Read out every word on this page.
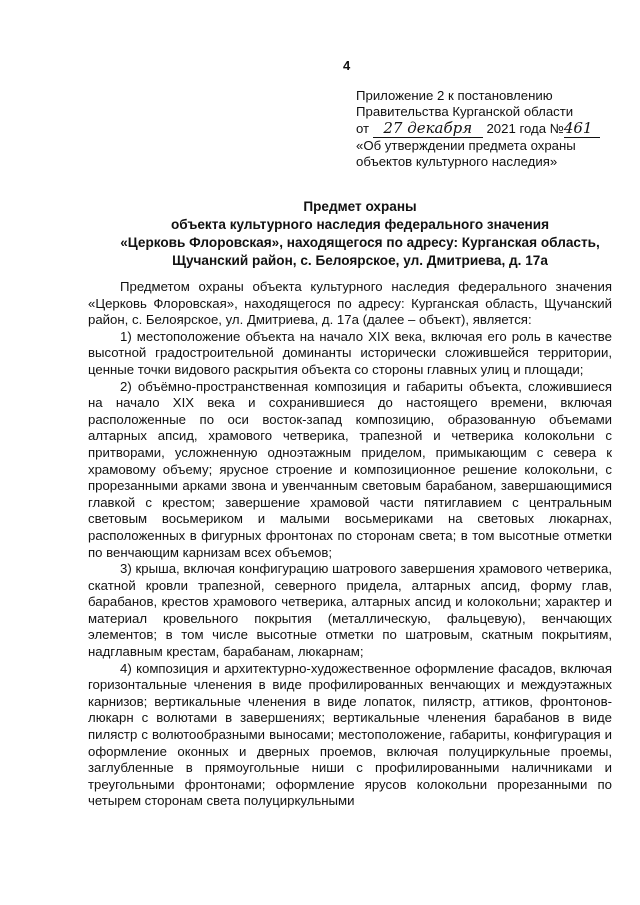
4
Приложение 2 к постановлению
Правительства Курганской области
от 27 декабря 2021 года №461
«Об утверждении предмета охраны
объектов культурного наследия»
Предмет охраны
объекта культурного наследия федерального значения
«Церковь Флоровская», находящегося по адресу: Курганская область,
Щучанский район, с. Белоярское, ул. Дмитриева, д. 17а

Предметом охраны объекта культурного наследия федерального значения «Церковь Флоровская», находящегося по адресу: Курганская область, Щучанский район, с. Белоярское, ул. Дмитриева, д. 17а (далее – объект), является:

1) местоположение объекта на начало XIX века, включая его роль в качестве высотной градостроительной доминанты исторически сложившейся территории, ценные точки видового раскрытия объекта со стороны главных улиц и площади;

2) объёмно-пространственная композиция и габариты объекта, сложившиеся на начало XIX века и сохранившиеся до настоящего времени, включая расположенные по оси восток-запад композицию, образованную объемами алтарных апсид, храмового четверика, трапезной и четверика колокольни с притворами, усложненную одноэтажным приделом, примыкающим с севера к храмовому объему; ярусное строение и композиционное решение колокольни, с прорезанными арками звона и увенчанным световым барабаном, завершающимися главкой с крестом; завершение храмовой части пятиглавием с центральным световым восьмериком и малыми восьмериками на световых люкарнах, расположенных в фигурных фронтонах по сторонам света; в том высотные отметки по венчающим карнизам всех объемов;

3) крыша, включая конфигурацию шатрового завершения храмового четверика, скатной кровли трапезной, северного придела, алтарных апсид, форму глав, барабанов, крестов храмового четверика, алтарных апсид и колокольни; характер и материал кровельного покрытия (металлическую, фальцевую), венчающих элементов; в том числе высотные отметки по шатровым, скатным покрытиям, надглавным крестам, барабанам, люкарнам;

4) композиция и архитектурно-художественное оформление фасадов, включая горизонтальные членения в виде профилированных венчающих и междуэтажных карнизов; вертикальные членения в виде лопаток, пилястр, аттиков, фронтонов-люкарн с волютами в завершениях; вертикальные членения барабанов в виде пилястр с волютообразными выносами; местоположение, габариты, конфигурация и оформление оконных и дверных проемов, включая полуциркульные проемы, заглубленные в прямоугольные ниши с профилированными наличниками и треугольными фронтонами; оформление ярусов колокольни прорезанными по четырем сторонам света полуциркульными
